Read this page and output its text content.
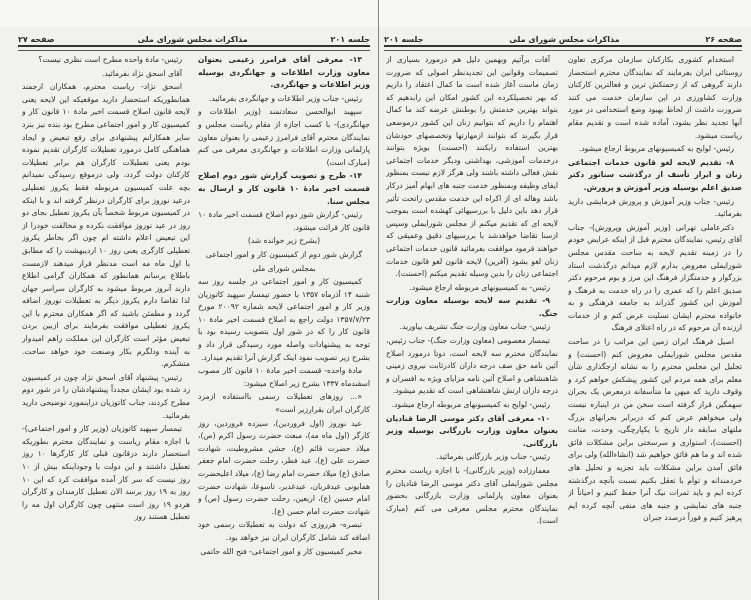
جلسه ۲۰۱
مذاکرات مجلس شورای ملی
صفحه ۲۷	صفحه ۲۶
مذاکرات مجلس شورای ملی
جلسه ۲۰۱

رئیس- مادهٔ واحده مطرح است نظری نیست؟

آقای اسحق نژاد بفرمائید.

اسحق نژاد- ریاست محترم، همکاران ارجمند همانطوریکه استحضار دارید موقعیکه این لایحه یعنی لایحه قانون اصلاح قسمت اخیر مادهٔ ۱۰ قانون کار و کمیسیون کار و امور اجتماعی مطرح بود بنده نیز بنزد سایر همکارانم پیشنهادی برای رفع تبعیض و ایجاد هماهنگی کامل درمورد تعطیلات کارگران تقدیم نموده بودم یعنی تعطیلات کارگران هم برابر تعطیلات کارکنان دولت گردد، ولی درموقع رسیدگی نمیدانم بچه علت کمیسیون مربوطه فقط یکروز تعطیلی درعید نوروز برای کارگران درنظر گرفته اند و با اینکه در کمیسیون مربوط شخصاً بآن یکروز تعطیل بجای دو روز در عید نوروز موافقت نکرده و مخالفت خودرا از این تبعیض اعلام داشته ام چون اگر بخاطر یکروز تعطیلی کارگری یعنی روز ۱۰ اردیبهشت را که مطابق با اول ماه مه است مدنظر قرار میدهند لازمست باطلاع برسانم همانطور که همکاران گرامی اطلاع دارند آنروز مربوط میشود به کارگران سراسر جهان لذا تقاضا دارم یکروز دیگر به تعطیلات نوروز اضافه گردد و مطمئن باشید که اگر همکاران محترم با این یکروز تعطیلی موافقت بفرمایند برای ازبین بردن تبعیض مؤثر است کارگران این مملکت راهم امیدوار به آینده ودلگرم بکار وصنعت خود خواهد ساخت. متشکرم.

رئیس- پیشنهاد آقای اسحق نژاد چون در کمیسیون رد شده بود ایشان مجدداً پیشنهادشان را در شور دوم مطرح کردند، جناب کاتوزیان دراینمورد توضیحی دارید بفرمائید.

تیمسار سپهبد کاتوزیان (وزیر کار و امور اجتماعی)- با اجازه مقام ریاست و نمایندگان محترم بطوریکه استحضار دارند درقانون قبلی کار کارگرها ۱۰ روز تعطیل داشتند و این دولت با وجوداینکه بیش از ۱۰ روز نیست که سر کار آمده موافقت کرد که این ۱۰ روز به ۱۹ روز برسد الان تعطیل کارمندان و کارگران هردو ۱۹ روز است منتهی چون کارگران اول مه را تعطیل هستند روز

۱۳- معرفی آقای فرامرز زعیمی بعنوان معاون وزارت اطلاعات و جهانگردی بوسیله وزیر اطلاعات و جهانگردی.

رئیس- جناب وزیر اطلاعات و جهانگردی بفرمائید.

سپهبد ابوالحسن سعادتمند (وزیر اطلاعات و جهانگردی)- با کسب اجازه از مقام ریاست مجلس و نمایندگان محترم آقای فرامرز زعیمی را بعنوان معاون پارلمانی وزارت اطلاعات و جهانگردی معرفی می کنم (مبارک است)

۱۴- طرح و تصویب گزارش شور دوم اصلاح قسمت اخیر مادهٔ ۱۰ قانون کار و ارسال به مجلس سنا.

رئیس- گزارش شور دوم اصلاح قسمت اخیر مادهٔ ۱۰ قانون کار قرائت میشود.

(بشرح زیر خوانده شد)

گزارش شور دوم از کمیسیون کار و امور اجتماعی

بمجلس شورای ملی

کمیسیون کار و امور اجتماعی در جلسه روز سه شنبه ۱۴ آذرماه ۱۳۵۷ با حضور تیمسار سپهبد کاتوزیان وزیر کار و امور اجتماعی لایحه شماره ۲۰۰۹۲ مورخ ۱۳۵۷/۷/۲۳ دولت راجع به اصلاح قسمت اخیر مادهٔ ۱۰ قانون کار را که در شور اول بتصویب رسیده بود با توجه به پیشنهادات واصله مورد رسیدگی قرار داد و بشرح زیر تصویب نمود اینک گزارش آنرا تقدیم میدارد.

مادهٔ واحده- قسمت اخیر مادهٔ ۱۰ قانون کار مصوب اسفندماه ۱۳۳۷ بشرح زیر اصلاح میشود:

«... روزهای تعطیلات رسمی بااستفاده ازمزد کارگران ایران بقرارزیر است»

عید نوروز (اول فروردین)، سیزده فروردین، روز کارگر (اول ماه مه)، مبعث حضرت رسول اکرم (ص)، میلاد حضرت قائم (ع)، جشن مشروطیت، شهادت حضرت علی (ع)، عید فطر، رحلت حضرت امام جعفر صادق (ع) میلاد حضرت امام رضا (ع)، میلاد اعلیحضرت همایونی عیدقربان، عیدغدیر، تاسوعا، شهادت حضرت امام حسین (ع)، اربعین، رحلت حضرت رسول (ص) و شهادت حضرت امام حسن (ع).

تبصره- هرروزی که دولت به تعطیلات رسمی خود اضافه کند شامل کارگران ایران نیز خواهد بود.

مخبر کمیسیون کار و امور اجتماعی- فتح الله حاتمی

آفات برآئیم وبهمین دلیل هم درمورد بسیاری از تصمیمات وقوانین این تجدیدنظر اصولی که ضرورت زمان ماست آغاز شده است ما کمال اعتقاد را داریم که بهر تحصیلکرده این کشور امکان این رابدهیم که بتواند بهترین خدمتش را بوطنش عرضه کند ما کمال اهتمام را داریم که بتوانیم زنان این کشور درموضعی قرار بگیرند که بتوانند ازمهارتها وتخصصهای خودشان بهترین استفاده رابکنند (احسنت) بویژه بتوانند درخدمات آموزشی، بهداشتی ودیگر خدمات اجتماعی نقش فعالی داشته باشند ولی هرگز لازم نیست بمنظور ایفای وظیفه وبمنظور خدمت جنبه های ابهام آمیز درکار باشد وهاله ای از اکراه این خدمت مقدس راتحت تأثیر قرار دهد باین دلیل با بررسیهائی کهشده است بموجب لایحه ای که تقدیم میکنم از مجلس شورایملی وسپس ازسنا تقاضا خواهدشد با بررسیهای دقیق وعمیقی که خواهند فرمود موافقت بفرمائید قانون خدمات اجتماعی زنان لغو بشود (آفرین) لایحه قانون لغو قانون خدمات اجتماعی زنان را بدین وسیله تقدیم میکنم (احسنت).

رئیس- به کمیسیونهای مربوطه ارجاع میشود.

۹- تقدیم سه لایحه بوسیله معاون وزارت جنگ.

رئیس- جناب معاون وزارت جنگ تشریف بیاورید.

تیمسار معصومی (معاون وزارت جنگ)- جناب رئیس، نمایندگان محترم سه لایحه است، دوتا درمورد اصلاح آئین نامه حق صف درجه داران کادرثابت نیروی زمینی شاهنشاهی و اصلاح آئین نامه مزایای ویژه به افسران و درجه داران ارتش شاهنشاهی است که تقدیم میشود.

رئیس- لوایح به کمیسیونهای مربوطه ارجاع میشود.

۱۰- معرفی آقای دکتر موسی الرضا قنادیان بعنوان معاون وزارت بازرگانی بوسیله وزیر بازرگانی.

رئیس- جناب وزیر بازرگانی بفرمائید.

معمارزاده (وزیر بازرگانی)- با اجازه ریاست محترم مجلس شورایملی آقای دکتر موسی الرضا قنادیان را بعنوان معاون پارلمانی وزارت بازرگانی بحضور نمایندگان محترم مجلس معرفی می کنم (مبارک است).

استخدام کشوری بکارکنان سازمان مرکزی تعاون روستائی ایران بفرمایند که نمایندگان محترم استحضار دارند گروهی که از زحمتکش ترین و فعالترین کارکنان وزارت کشاورزی در این سازمان خدمت می کنند ضرورت داشت از لحاظ بهبود وضع استخدامی در مورد آنها تجدید نظر بشود، آماده شده است و تقدیم مقام ریاست میشود.

رئیس- لوایح به کمیسیونهای مربوط ارجاع میشود.

۸- تقدیم لایحه لغو قانون خدمات اجتماعی زنان و ابراز تأسف از درگذشت سناتور دکتر صدیق اعلم بوسیله وزیر آموزش و پرورش.

رئیس- جناب وزیر آموزش و پرورش فرمایشی دارید بفرمائید.

دکترعاملی تهرانی (وزیر آموزش وپرورش)- جناب آقای رئیس، نمایندگان محترم قبل از اینکه عرایض خودم را در زمینه تقدیم لایحه به ساحت مقدس مجلس شورایملی معروض بدارم لازم میدانم درگذشت استاد بزرگوار و خدمتگزار فرهنگ این مرز و بوم مرحوم دکتر صدیق اعلم را که عمری را در راه خدمت به فرهنگ و آموزش این کشور گذراند به جامعه فرهنگی و به خانواده محترم ایشان تسلیت عرض کنم و از خدمات ارزنده آن مرحوم که در راه اعتلای فرهنگ

اصیل فرهنگ ایران زمین این مراتب را در ساحت مقدس مجلس شورایملی معروض کنم (احسنت) و تجلیل این مجلس محترم را به نشانه ارجگذاری شأن معلم برای همه مردم این کشور پیشکش خواهم کرد و وقوف دارید که میهن ما متأسفانه درمعرض یک بحران سهمگین قرار گرفته است سخن من در اینباره نیست ولی میخواهم عرض کنم که دربرابر بحرانهای بزرگ ملتهای سابقه دار تاریخ با یکپارچگی، وحدت، متانت (احسنت)، استواری و سرسختی براین مشکلات فائق شده اند و ما هم فائق خواهیم شد (انشاءالله) ولی برای فائق آمدن براین مشکلات باید تجزیه و تحلیل های خردمندانه و توأم با تعقل بکنیم نسبت بآنچه درگذشته کرده ایم و باید ثمرات نیک آنرا حفظ کنیم و احیاناً از جنبه های نمایشی و جنبه های منفی آنچه کرده ایم پرهیز کنیم و فوراً درصدد جبران
